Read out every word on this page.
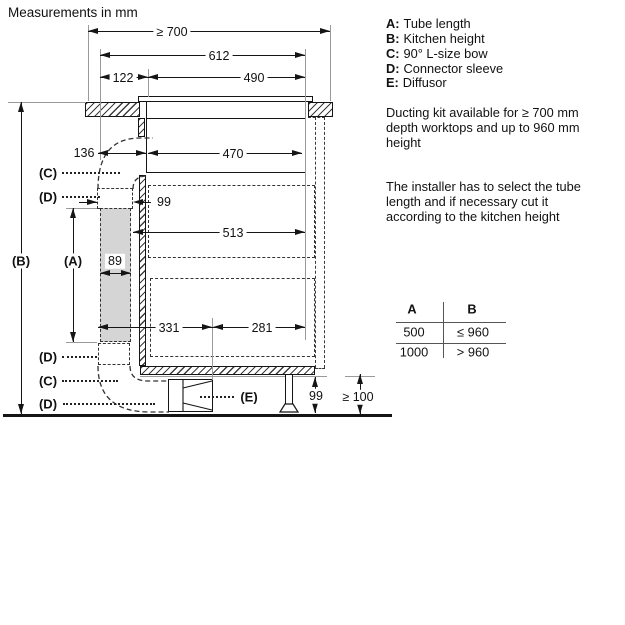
Measurements in mm
≥ 700
612
122	490
136	470
99
513
89
331	281
99 ≥ 100
(B)	(A)
(C)
(D)
(D)
(C)
(D)	(E)
A: Tube length
B: Kitchen height
C: 90° L-size bow
D: Connector sleeve
E: Diffusor
Ducting kit available for ≥ 700 mm depth worktops and up to 960 mm height
The installer has to select the tube length and if necessary cut it according to the kitchen height
A	B
500	≤ 960
1000 > 960
